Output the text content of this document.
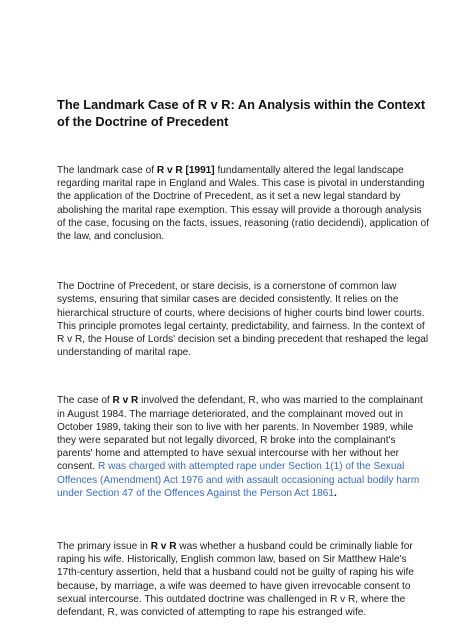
The Landmark Case of R v R: An Analysis within the Context of the Doctrine of Precedent

The landmark case of R v R [1991] fundamentally altered the legal landscape regarding marital rape in England and Wales. This case is pivotal in understanding the application of the Doctrine of Precedent, as it set a new legal standard by abolishing the marital rape exemption. This essay will provide a thorough analysis of the case, focusing on the facts, issues, reasoning (ratio decidendi), application of the law, and conclusion.

The Doctrine of Precedent, or stare decisis, is a cornerstone of common law systems, ensuring that similar cases are decided consistently. It relies on the hierarchical structure of courts, where decisions of higher courts bind lower courts. This principle promotes legal certainty, predictability, and fairness. In the context of R v R, the House of Lords' decision set a binding precedent that reshaped the legal understanding of marital rape.

The case of R v R involved the defendant, R, who was married to the complainant in August 1984. The marriage deteriorated, and the complainant moved out in October 1989, taking their son to live with her parents. In November 1989, while they were separated but not legally divorced, R broke into the complainant's parents' home and attempted to have sexual intercourse with her without her consent. R was charged with attempted rape under Section 1(1) of the Sexual Offences (Amendment) Act 1976 and with assault occasioning actual bodily harm under Section 47 of the Offences Against the Person Act 1861.

The primary issue in R v R was whether a husband could be criminally liable for raping his wife. Historically, English common law, based on Sir Matthew Hale's 17th-century assertion, held that a husband could not be guilty of raping his wife because, by marriage, a wife was deemed to have given irrevocable consent to sexual intercourse. This outdated doctrine was challenged in R v R, where the defendant, R, was convicted of attempting to rape his estranged wife.
